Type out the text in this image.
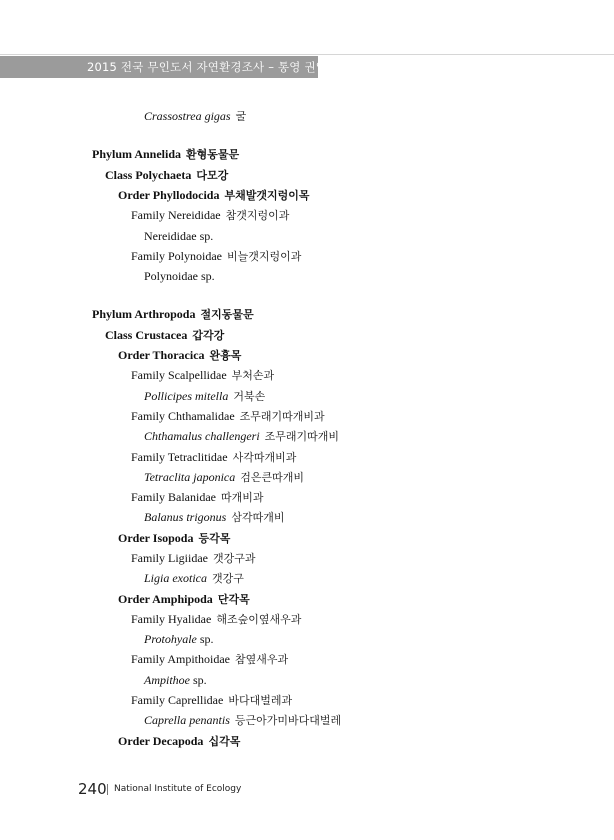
2015 전국 무인도서 자연환경조사 – 통영 권역
Crassostrea gigas 굴
Phylum Annelida 환형동물문
Class Polychaeta 다모강
Order Phyllodocida 부채발갯지렁이목
Family Nereididae 참갯지렁이과
Nereididae sp.
Family Polynoidae 비늘갯지렁이과
Polynoidae sp.
Phylum Arthropoda 절지동물문
Class Crustacea 갑각강
Order Thoracica 완흉목
Family Scalpellidae 부처손과
Pollicipes mitella 거북손
Family Chthamalidae 조무래기따개비과
Chthamalus challengeri 조무래기따개비
Family Tetraclitidae 사각따개비과
Tetraclita japonica 검은큰따개비
Family Balanidae 따개비과
Balanus trigonus 삼각따개비
Order Isopoda 등각목
Family Ligiidae 갯강구과
Ligia exotica 갯강구
Order Amphipoda 단각목
Family Hyalidae 해조숲이옆새우과
Protohyale sp.
Family Ampithoidae 참옆새우과
Ampithoe sp.
Family Caprellidae 바다대벌레과
Caprella penantis 등근아가미바다대벌레
Order Decapoda 십각목
240 National Institute of Ecology
